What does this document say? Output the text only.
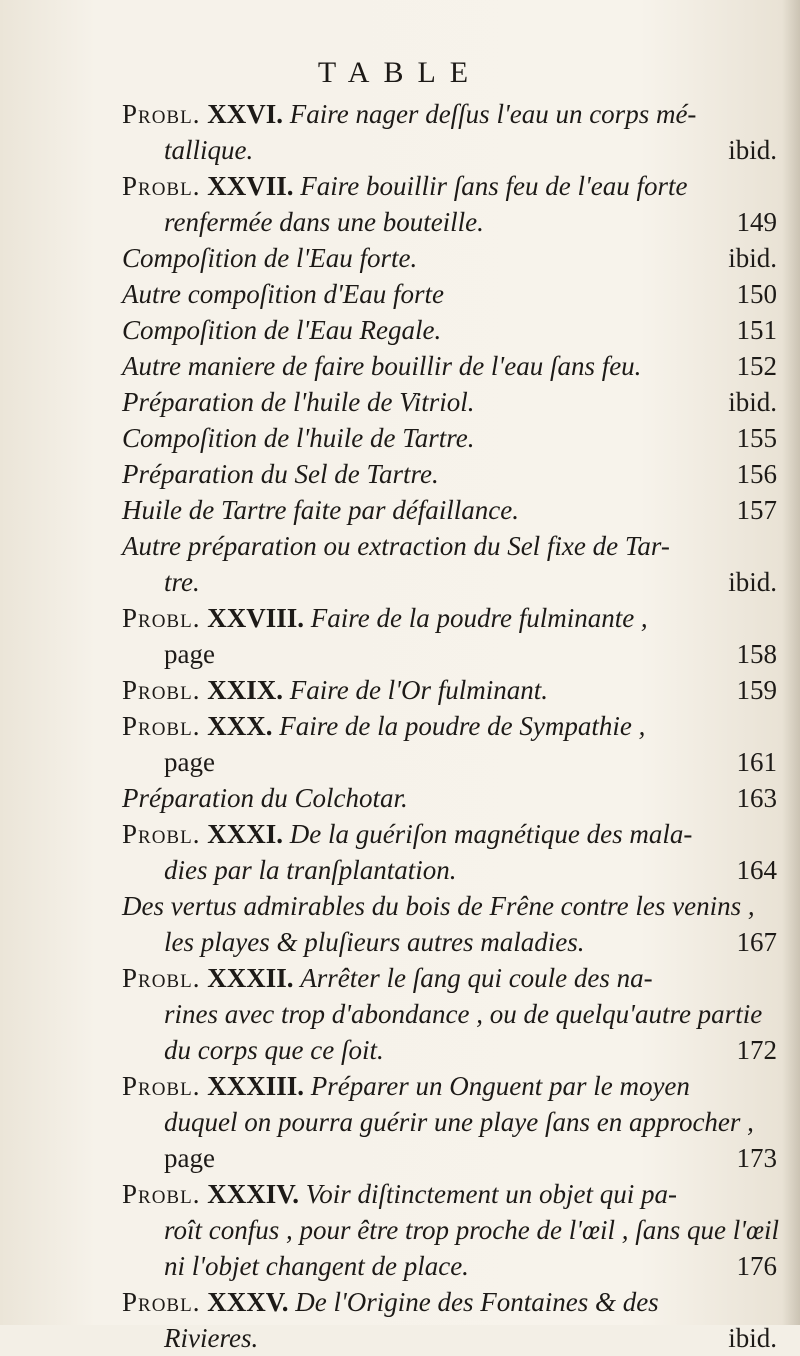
TABLE
Probl. XXVI. Faire nager deſſus l'eau un corps mé-
tallique.	ibid.
Probl. XXVII. Faire bouillir ſans feu de l'eau forte
renfermée dans une bouteille.	149
Compoſition de l'Eau forte.	ibid.
Autre compoſition d'Eau forte	150
Compoſition de l'Eau Regale.	151
Autre maniere de faire bouillir de l'eau ſans feu.	152
Préparation de l'huile de Vitriol.	ibid.
Compoſition de l'huile de Tartre.	155
Préparation du Sel de Tartre.	156
Huile de Tartre faite par défaillance.	157
Autre préparation ou extraction du Sel fixe de Tar-
tre.	ibid.
Probl. XXVIII. Faire de la poudre fulminante ,
page	158
Probl. XXIX. Faire de l'Or fulminant.	159
Probl. XXX. Faire de la poudre de Sympathie ,
page	161
Préparation du Colchotar.	163
Probl. XXXI. De la guériſon magnétique des mala-
dies par la tranſplantation.	164
Des vertus admirables du bois de Frêne contre les venins ,
les playes & pluſieurs autres maladies.	167
Probl. XXXII. Arrêter le ſang qui coule des na-
rines avec trop d'abondance , ou de quelqu'autre partie
du corps que ce ſoit.	172
Probl. XXXIII. Préparer un Onguent par le moyen
duquel on pourra guérir une playe ſans en approcher ,
page	173
Probl. XXXIV. Voir diſtinctement un objet qui pa-
roît confus , pour être trop proche de l'œil , ſans que l'œil
ni l'objet changent de place.	176
Probl. XXXV. De l'Origine des Fontaines & des
Rivieres.	ibid.
